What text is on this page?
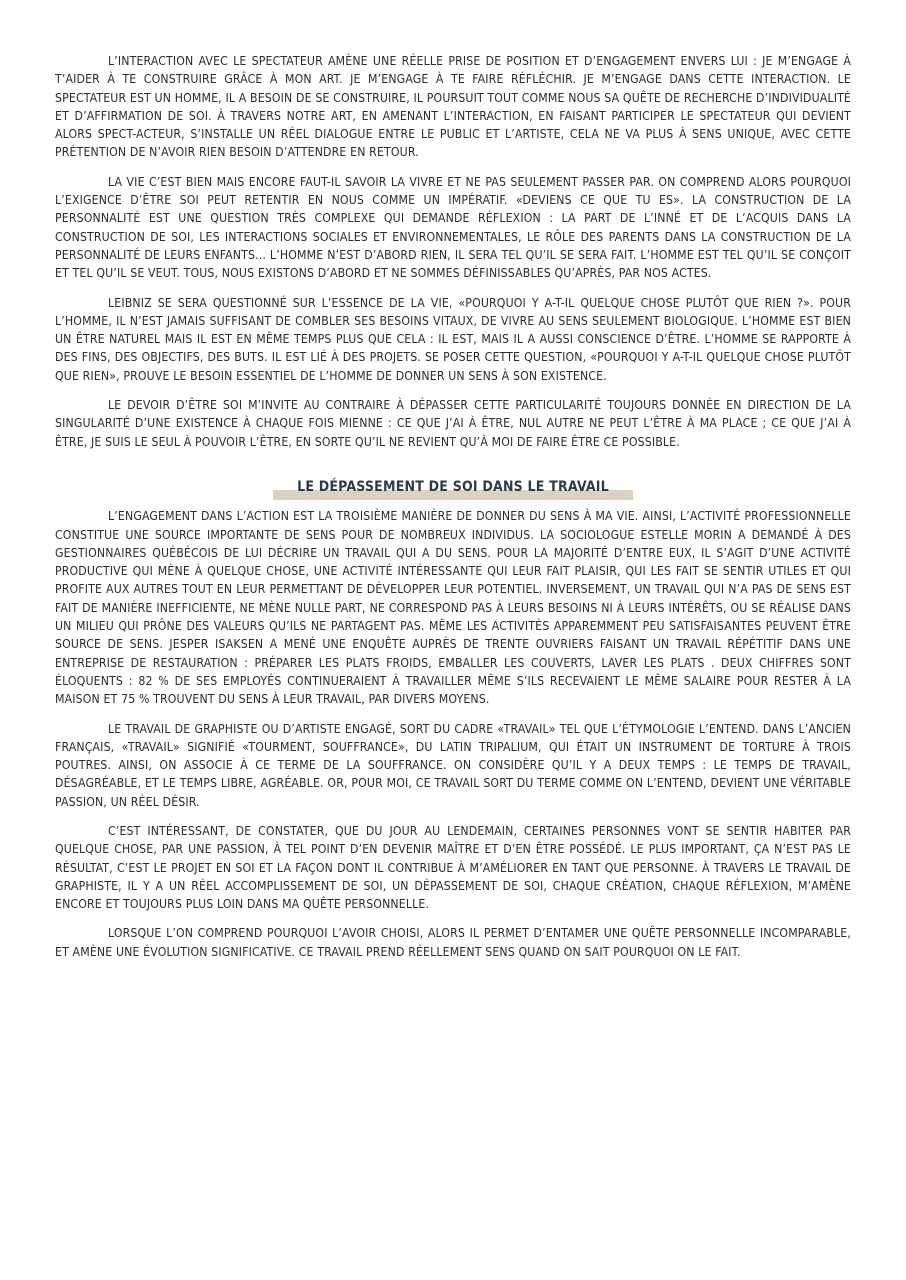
L’INTERACTION AVEC LE SPECTATEUR AMÈNE UNE RÉELLE PRISE DE POSITION ET D’ENGAGEMENT ENVERS LUI : JE M’ENGAGE À T’AIDER À TE CONSTRUIRE GRÂCE À MON ART. JE M’ENGAGE À TE FAIRE RÉFLÉCHIR. JE M’ENGAGE DANS CETTE INTERACTION. LE SPECTATEUR EST UN HOMME, IL A BESOIN DE SE CONSTRUIRE, IL POURSUIT TOUT COMME NOUS SA QUÊTE DE RECHERCHE D’INDIVIDUALITÉ ET D’AFFIRMATION DE SOI. À TRAVERS NOTRE ART, EN AMENANT L’INTERACTION, EN FAISANT PARTICIPER LE SPECTATEUR QUI DEVIENT ALORS SPECT-ACTEUR, S’INSTALLE UN RÉEL DIALOGUE ENTRE LE PUBLIC ET L’ARTISTE, CELA NE VA PLUS À SENS UNIQUE, AVEC CETTE PRÉTENTION DE N’AVOIR RIEN BESOIN D’ATTENDRE EN RETOUR.

LA VIE C’EST BIEN MAIS ENCORE FAUT-IL SAVOIR LA VIVRE ET NE PAS SEULEMENT PASSER PAR. ON COMPREND ALORS POURQUOI L’EXIGENCE D’ÊTRE SOI PEUT RETENTIR EN NOUS COMME UN IMPÉRATIF. «DEVIENS CE QUE TU ES». LA CONSTRUCTION DE LA PERSONNALITÉ EST UNE QUESTION TRÈS COMPLEXE QUI DEMANDE RÉFLEXION : LA PART DE L’INNÉ ET DE L’ACQUIS DANS LA CONSTRUCTION DE SOI, LES INTERACTIONS SOCIALES ET ENVIRONNEMENTALES, LE RÔLE DES PARENTS DANS LA CONSTRUCTION DE LA PERSONNALITÉ DE LEURS ENFANTS... L’HOMME N’EST D’ABORD RIEN, IL SERA TEL QU’IL SE SERA FAIT. L’HOMME EST TEL QU’IL SE CONÇOIT ET TEL QU’IL SE VEUT. TOUS, NOUS EXISTONS D’ABORD ET NE SOMMES DÉFINISSABLES QU’APRÈS, PAR NOS ACTES.

LEIBNIZ SE SERA QUESTIONNÉ SUR L’ESSENCE DE LA VIE, «POURQUOI Y A-T-IL QUELQUE CHOSE PLUTÔT QUE RIEN ?». POUR L’HOMME, IL N’EST JAMAIS SUFFISANT DE COMBLER SES BESOINS VITAUX, DE VIVRE AU SENS SEULEMENT BIOLOGIQUE. L’HOMME EST BIEN UN ÊTRE NATUREL MAIS IL EST EN MÊME TEMPS PLUS QUE CELA : IL EST, MAIS IL A AUSSI CONSCIENCE D’ÊTRE. L’HOMME SE RAPPORTE À DES FINS, DES OBJECTIFS, DES BUTS. IL EST LIÉ À DES PROJETS. SE POSER CETTE QUESTION, «POURQUOI Y A-T-IL QUELQUE CHOSE PLUTÔT QUE RIEN», PROUVE LE BESOIN ESSENTIEL DE L’HOMME DE DONNER UN SENS À SON EXISTENCE.

LE DEVOIR D’ÊTRE SOI M’INVITE AU CONTRAIRE À DÉPASSER CETTE PARTICULARITÉ TOUJOURS DONNÉE EN DIRECTION DE LA SINGULARITÉ D’UNE EXISTENCE À CHAQUE FOIS MIENNE : CE QUE J’AI À ÊTRE, NUL AUTRE NE PEUT L’ÊTRE À MA PLACE ; CE QUE J’AI À ÊTRE, JE SUIS LE SEUL À POUVOIR L’ÊTRE, EN SORTE QU’IL NE REVIENT QU’À MOI DE FAIRE ÊTRE CE POSSIBLE.

LE DÉPASSEMENT DE SOI DANS LE TRAVAIL

L’ENGAGEMENT DANS L’ACTION EST LA TROISIÈME MANIÈRE DE DONNER DU SENS À MA VIE. AINSI, L’ACTIVITÉ PROFESSIONNELLE CONSTITUE UNE SOURCE IMPORTANTE DE SENS POUR DE NOMBREUX INDIVIDUS. LA SOCIOLOGUE ESTELLE MORIN A DEMANDÉ À DES GESTIONNAIRES QUÉBÉCOIS DE LUI DÉCRIRE UN TRAVAIL QUI A DU SENS. POUR LA MAJORITÉ D’ENTRE EUX, IL S’AGIT D’UNE ACTIVITÉ PRODUCTIVE QUI MÈNE À QUELQUE CHOSE, UNE ACTIVITÉ INTÉRESSANTE QUI LEUR FAIT PLAISIR, QUI LES FAIT SE SENTIR UTILES ET QUI PROFITE AUX AUTRES TOUT EN LEUR PERMETTANT DE DÉVELOPPER LEUR POTENTIEL. INVERSEMENT, UN TRAVAIL QUI N’A PAS DE SENS EST FAIT DE MANIÈRE INEFFICIENTE, NE MÈNE NULLE PART, NE CORRESPOND PAS À LEURS BESOINS NI À LEURS INTÉRÊTS, OU SE RÉALISE DANS UN MILIEU QUI PRÔNE DES VALEURS QU’ILS NE PARTAGENT PAS. MÊME LES ACTIVITÉS APPAREMMENT PEU SATISFAISANTES PEUVENT ÊTRE SOURCE DE SENS. JESPER ISAKSEN A MENÉ UNE ENQUÊTE AUPRÈS DE TRENTE OUVRIERS FAISANT UN TRAVAIL RÉPÉTITIF DANS UNE ENTREPRISE DE RESTAURATION : PRÉPARER LES PLATS FROIDS, EMBALLER LES COUVERTS, LAVER LES PLATS . DEUX CHIFFRES SONT ÉLOQUENTS : 82 % DE SES EMPLOYÉS CONTINUERAIENT À TRAVAILLER MÊME S’ILS RECEVAIENT LE MÊME SALAIRE POUR RESTER À LA MAISON ET 75 % TROUVENT DU SENS À LEUR TRAVAIL, PAR DIVERS MOYENS.

LE TRAVAIL DE GRAPHISTE OU D’ARTISTE ENGAGÉ, SORT DU CADRE «TRAVAIL» TEL QUE L’ÉTYMOLOGIE L’ENTEND. DANS L’ANCIEN FRANÇAIS, «TRAVAIL» SIGNIFIÉ «TOURMENT, SOUFFRANCE», DU LATIN TRIPALIUM, QUI ÉTAIT UN INSTRUMENT DE TORTURE À TROIS POUTRES. AINSI, ON ASSOCIE À CE TERME DE LA SOUFFRANCE. ON CONSIDÈRE QU’IL Y A DEUX TEMPS : LE TEMPS DE TRAVAIL, DÉSAGRÉABLE, ET LE TEMPS LIBRE, AGRÉABLE. OR, POUR MOI, CE TRAVAIL SORT DU TERME COMME ON L’ENTEND, DEVIENT UNE VÉRITABLE PASSION, UN RÉEL DÉSIR.

C’EST INTÉRESSANT, DE CONSTATER, QUE DU JOUR AU LENDEMAIN, CERTAINES PERSONNES VONT SE SENTIR HABITER PAR QUELQUE CHOSE, PAR UNE PASSION, À TEL POINT D’EN DEVENIR MAÎTRE ET D’EN ÊTRE POSSÉDÉ. LE PLUS IMPORTANT, ÇA N’EST PAS LE RÉSULTAT, C’EST LE PROJET EN SOI ET LA FAÇON DONT IL CONTRIBUE À M’AMÉLIORER EN TANT QUE PERSONNE. À TRAVERS LE TRAVAIL DE GRAPHISTE, IL Y A UN RÉEL ACCOMPLISSEMENT DE SOI, UN DÉPASSEMENT DE SOI, CHAQUE CRÉATION, CHAQUE RÉFLEXION, M’AMÈNE ENCORE ET TOUJOURS PLUS LOIN DANS MA QUÊTE PERSONNELLE.

LORSQUE L’ON COMPREND POURQUOI L’AVOIR CHOISI, ALORS IL PERMET D’ENTAMER UNE QUÊTE PERSONNELLE INCOMPARABLE, ET AMÈNE UNE ÉVOLUTION SIGNIFICATIVE. CE TRAVAIL PREND RÉELLEMENT SENS QUAND ON SAIT POURQUOI ON LE FAIT.
